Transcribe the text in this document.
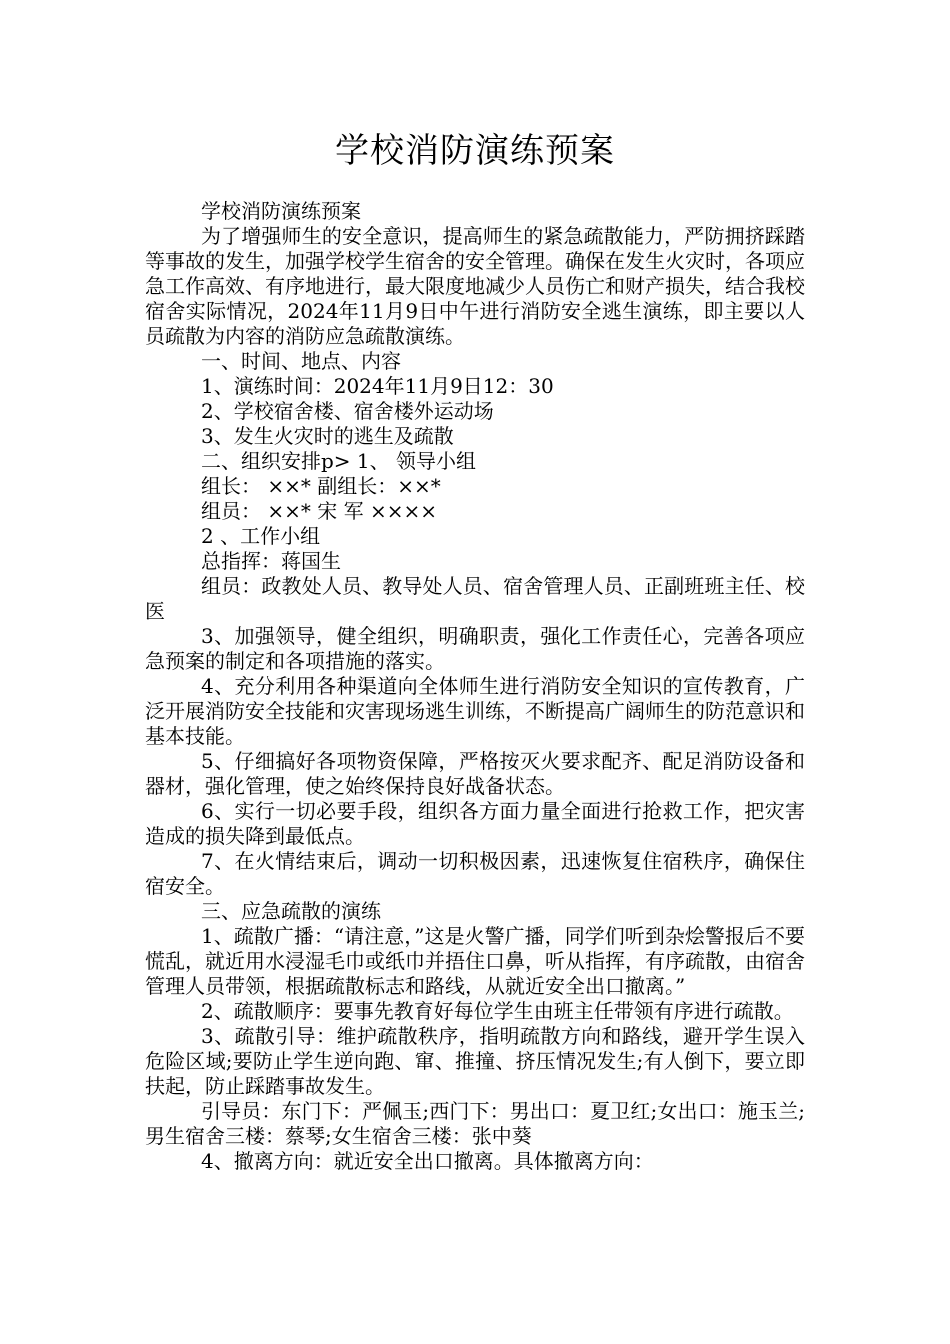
学校消防演练预案

学校消防演练预案

为了增强师生的安全意识，提高师生的紧急疏散能力，严防拥挤踩踏等事故的发生，加强学校学生宿舍的安全管理。确保在发生火灾时，各项应急工作高效、有序地进行，最大限度地减少人员伤亡和财产损失，结合我校宿舍实际情况，2024年11月9日中午进行消防安全逃生演练，即主要以人员疏散为内容的消防应急疏散演练。

一、时间、地点、内容

1、演练时间：2024年11月9日12：30

2、学校宿舍楼、宿舍楼外运动场

3、发生火灾时的逃生及疏散

二、组织安排p> 1、 领导小组

组长： ××* 副组长：××*

组员： ××* 宋 军 ××××

2 、工作小组

总指挥：蒋国生

组员：政教处人员、教导处人员、宿舍管理人员、正副班班主任、校医

3、加强领导，健全组织，明确职责，强化工作责任心，完善各项应急预案的制定和各项措施的落实。

4、充分利用各种渠道向全体师生进行消防安全知识的宣传教育，广泛开展消防安全技能和灾害现场逃生训练，不断提高广阔师生的防范意识和基本技能。

5、仔细搞好各项物资保障，严格按灭火要求配齐、配足消防设备和器材，强化管理，使之始终保持良好战备状态。

6、实行一切必要手段，组织各方面力量全面进行抢救工作，把灾害造成的损失降到最低点。

7、在火情结束后，调动一切积极因素，迅速恢复住宿秩序，确保住宿安全。

三、应急疏散的演练

1、疏散广播：“请注意，”这是火警广播，同学们听到杂烩警报后不要慌乱，就近用水浸湿毛巾或纸巾并捂住口鼻，听从指挥，有序疏散，由宿舍管理人员带领，根据疏散标志和路线，从就近安全出口撤离。”

2、疏散顺序：要事先教育好每位学生由班主任带领有序进行疏散。

3、疏散引导：维护疏散秩序，指明疏散方向和路线，避开学生误入危险区域;要防止学生逆向跑、窜、推撞、挤压情况发生;有人倒下，要立即扶起，防止踩踏事故发生。

引导员：东门下：严佩玉;西门下：男出口：夏卫红;女出口：施玉兰;男生宿舍三楼：蔡琴;女生宿舍三楼：张中葵

4、撤离方向：就近安全出口撤离。具体撤离方向：
